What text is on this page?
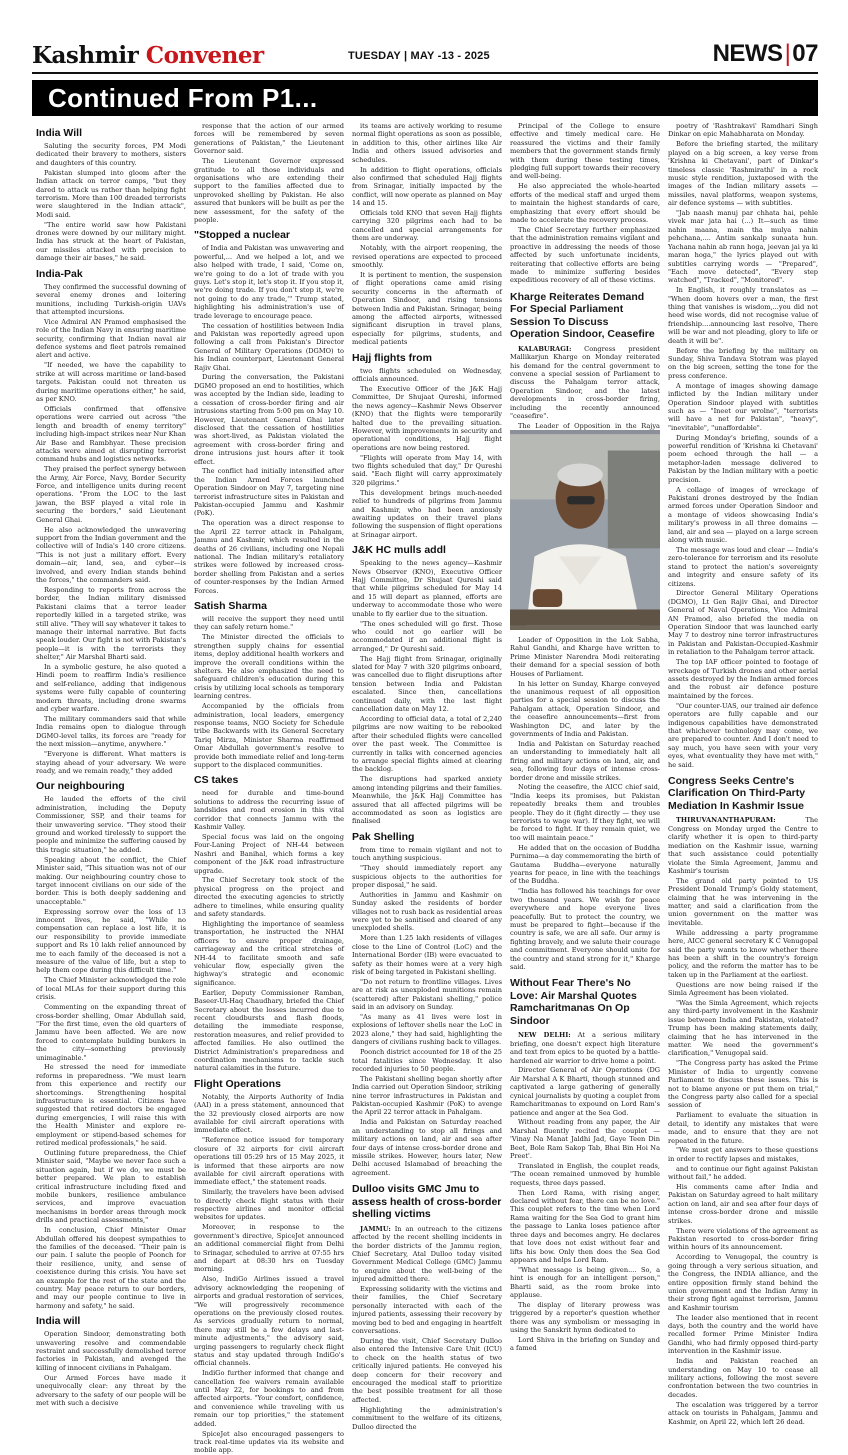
Kashmir Convener	TUESDAY | MAY -13 - 2025	NEWS|07
Continued From P1...
India Will

Saluting the security forces, PM Modi dedicated their bravery to mothers, sisters and daughters of this country.

Pakistan slumped into gloom after the Indian attack on terror camps, "but they dared to attack us rather than helping fight terrorism. More than 100 dreaded terrorists were slaughtered in the Indian attack", Modi said.

"The entire world saw how Pakistani drones were downed by our military might. India has struck at the heart of Pakistan, our missiles attacked with precision to damage their air bases," he said.

India-Pak

They confirmed the successful downing of several enemy drones and loitering munitions, including Turkish-origin UAVs that attempted incursions.

Vice Admiral AN Pramod emphasised the role of the Indian Navy in ensuring maritime security, confirming that Indian naval air defence systems and fleet patrols remained alert and active.

"If needed, we have the capability to strike at will across maritime or land-based targets. Pakistan could not threaten us during maritime operations either," he said, as per KNO.

Officials confirmed that offensive operations were carried out across "the length and breadth of enemy territory" including high-impact strikes near Nur Khan Air Base and Rambhyar. These precision attacks were aimed at disrupting terrorist command hubs and logistics networks.

They praised the perfect synergy between the Army, Air Force, Navy, Border Security Force, and intelligence units during recent operations. "From the LOC to the last jawan, the BSF played a vital role in securing the borders," said Lieutenant General Ghai.

He also acknowledged the unwavering support from the Indian government and the collective will of India's 140 crore citizens. "This is not just a military effort. Every domain—air, land, sea, and cyber—is involved, and every Indian stands behind the forces," the commanders said.

Responding to reports from across the border, the Indian military dismissed Pakistani claims that a terror leader reportedly killed in a targeted strike, was still alive. "They will say whatever it takes to manage their internal narrative. But facts speak louder. Our fight is not with Pakistan's people—it is with the terrorists they shelter," Air Marshal Bharti said.

In a symbolic gesture, he also quoted a Hindi poem to reaffirm India's resilience and self-reliance, adding that indigenous systems were fully capable of countering modern threats, including drone swarms and cyber warfare.

The military commanders said that while India remains open to dialogue through DGMO-level talks, its forces are "ready for the next mission—anytime, anywhere."

"Everyone is different. What matters is staying ahead of your adversary. We were ready, and we remain ready," they added

Our neighbouring

He lauded the efforts of the civil administration, including the Deputy Commissioner, SSP, and their teams for their unwavering service. "They stood their ground and worked tirelessly to support the people and minimize the suffering caused by this tragic situation," he added.

Speaking about the conflict, the Chief Minister said, "This situation was not of our making. Our neighbouring country chose to target innocent civilians on our side of the border. This is both deeply saddening and unacceptable."

Expressing sorrow over the loss of 13 innocent lives, he said, "While no compensation can replace a lost life, it is our responsibility to provide immediate support and Rs 10 lakh relief announced by me to each family of the deceased is not a measure of the value of life, but a step to help them cope during this difficult time."

The Chief Minister acknowledged the role of local MLAs for their support during this crisis.

Commenting on the expanding threat of cross-border shelling, Omar Abdullah said, "For the first time, even the old quarters of Jammu have been affected. We are now forced to contemplate building bunkers in the city—something previously unimaginable."

He stressed the need for immediate reforms in preparedness. "We must learn from this experience and rectify our shortcomings. Strengthening hospital infrastructure is essential. Citizens have suggested that retired doctors be engaged during emergencies, I will raise this with the Health Minister and explore re-employment or stipend-based schemes for retired medical professionals," he said.

Outlining future preparedness, the Chief Minister said, "Maybe we never face such a situation again, but if we do, we must be better prepared. We plan to establish critical infrastructure including fixed and mobile bunkers, resilience ambulance services, and improve evacuation mechanisms in border areas through mock drills and practical assessments,"

In conclusion, Chief Minister Omar Abdullah offered his deepest sympathies to the families of the deceased. "Their pain is our pain. I salute the people of Poonch for their resilience, unity, and sense of coexistence during this crisis. You have set an example for the rest of the state and the country. May peace return to our borders, and may our people continue to live in harmony and safety," he said.

India will

Operation Sindoor, demonstrating both unwavering resolve and commendable restraint and successfully demolished terror factories in Pakistan, and avenged the killing of innocent civilians in Pahalgam.

Our Armed Forces have made it unequivocally clear: any threat by the adversary to the safety of our people will be met with such a decisive

response that the action of our armed forces will be remembered by seven generations of Pakistan," the Lieutenant Governor said.

The Lieutenant Governor expressed gratitude to all those individuals and organisations who are extending their support to the families affected due to unprovoked shelling by Pakistan. He also assured that bunkers will be built as per the new assessment, for the safety of the people.

"Stopped a nuclear

of India and Pakistan was unwavering and powerful,... And we helped a lot, and we also helped with trade, I said, 'Come on, we're going to do a lot of trade with you guys. Let's stop it, let's stop it. If you stop it, we're doing trade. If you don't stop it, we're not going to do any trade,'" Trump stated, highlighting his administration's use of trade leverage to encourage peace.

The cessation of hostilities between India and Pakistan was reportedly agreed upon following a call from Pakistan's Director General of Military Operations (DGMO) to his Indian counterpart, Lieutenant General Rajiv Ghai.

During the conversation, the Pakistani DGMO proposed an end to hostilities, which was accepted by the Indian side, leading to a cessation of cross-border firing and air intrusions starting from 5:00 pm on May 10. However, Lieutenant General Ghai later disclosed that the cessation of hostilities was short-lived, as Pakistan violated the agreement with cross-border firing and drone intrusions just hours after it took effect.

The conflict had initially intensified after the Indian Armed Forces launched Operation Sindoor on May 7, targeting nine terrorist infrastructure sites in Pakistan and Pakistan-occupied Jammu and Kashmir (PoK).

The operation was a direct response to the April 22 terror attack in Pahalgam, Jammu and Kashmir, which resulted in the deaths of 26 civilians, including one Nepali national. The Indian military's retaliatory strikes were followed by increased cross-border shelling from Pakistan and a series of counter-responses by the Indian Armed Forces.

Satish Sharma

will receive the support they need until they can safely return home."

The Minister directed the officials to strengthen supply chains for essential items, deploy additional health workers and improve the overall conditions within the shelters. He also emphasized the need to safeguard children's education during this crisis by utilizing local schools as temporary learning centres.

Accompanied by the officials from administration, local leaders, emergency response teams, NGO Society for Schedule tribe Backwards with its General Secretary Tariq Mirza, Minister Sharma reaffirmed Omar Abdullah government's resolve to provide both immediate relief and long-term support to the displaced communities.

CS takes

need for durable and time-bound solutions to address the recurring issue of landslides and road erosion in this vital corridor that connects Jammu with the Kashmir Valley.

Special focus was laid on the ongoing Four-Laning Project of NH-44 between Nashri and Banihal, which forms a key component of the J&K road infrastructure upgrade.

The Chief Secretary took stock of the physical progress on the project and directed the executing agencies to strictly adhere to timelines, while ensuring quality and safety standards.

Highlighting the importance of seamless transportation, he instructed the NHAI officers to ensure proper drainage, carriageway and the critical stretches of NH-44 to facilitate smooth and safe vehicular flow, especially given the highway's strategic and economic significance.

Earlier, Deputy Commissioner Ramban, Baseer-Ul-Haq Chaudhary, briefed the Chief Secretary about the losses incurred due to recent cloudbursts and flash floods, detailing the immediate response, restoration measures, and relief provided to affected families. He also outlined the District Administration's preparedness and coordination mechanisms to tackle such natural calamities in the future.

Flight Operations

Notably, the Airports Authority of India (AAI) in a press statement, announced that the 32 previously closed airports are now available for civil aircraft operations with immediate effect.

"Reference notice issued for temporary closure of 32 airports for civil aircraft operations till 05:29 hrs of 15 May 2025, it is informed that these airports are now available for civil aircraft operations with immediate effect," the statement reads.

Similarly, the travelers have been advised to directly check flight status with their respective airlines and monitor official websites for updates.

Moreover, in response to the government's directive, SpiceJet announced an additional commercial flight from Delhi to Srinagar, scheduled to arrive at 07:55 hrs and depart at 08:30 hrs on Tuesday morning.

Also, IndiGo Airlines issued a travel advisory acknowledging the reopening of airports and gradual restoration of services, "We will progressively recommence operations on the previously closed routes. As services gradually return to normal, there may still be a few delays and last-minute adjustments," the advisory said, urging passengers to regularly check flight status and stay updated through IndiGo's official channels.

IndiGo further informed that change and cancellation fee waivers remain available until May 22, for bookings to and from affected airports. "Your comfort, confidence, and convenience while traveling with us remain our top priorities," the statement added.

SpiceJet also encouraged passengers to track real-time updates via its website and mobile app.

its teams are actively working to resume normal flight operations as soon as possible, in addition to this, other airlines like Air India and others issued advisories and schedules.

In addition to flight operations, officials also confirmed that scheduled Hajj flights from Srinagar, initially impacted by the conflict, will now operate as planned on May 14 and 15.

Officials told KNO that seven Hajj flights carrying 320 pilgrims each had to be cancelled and special arrangements for them are underway.

Notably, with the airport reopening, the revised operations are expected to proceed smoothly.

It is pertinent to mention, the suspension of flight operations came amid rising security concerns in the aftermath of Operation Sindoor, and rising tensions between India and Pakistan. Srinagar, being among the affected airports, witnessed significant disruption in travel plans, especially for pilgrims, students, and medical patients

Hajj flights from

two flights scheduled on Wednesday, officials announced.

The Executive Officer of the J&K Hajj Committee, Dr Shujaat Qureshi, informed the news agency—Kashmir News Observer (KNO) that the flights were temporarily halted due to the prevailing situation. However, with improvements in security and operational conditions, Hajj flight operations are now being restored.

"Flights will operate from May 14, with two flights scheduled that day," Dr Qureshi said. "Each flight will carry approximately 320 pilgrims."

This development brings much-needed relief to hundreds of pilgrims from Jammu and Kashmir, who had been anxiously awaiting updates on their travel plans following the suspension of flight operations at Srinagar airport.

J&K HC mulls addl

Speaking to the news agency—Kashmir News Observer (KNO), Executive Officer Hajj Committee, Dr Shujaat Qureshi said that while pilgrims scheduled for May 14 and 15 will depart as planned, efforts are underway to accommodate those who were unable to fly earlier due to the situation.

"The ones scheduled will go first. Those who could not go earlier will be accommodated if an additional flight is arranged," Dr Qureshi said.

The Hajj flight from Srinagar, originally slated for May 7 with 320 pilgrims onboard, was cancelled due to flight disruptions after tension between India and Pakistan escalated. Since then, cancellations continued daily, with the last flight cancellation date on May 12.

According to official data, a total of 2,240 pilgrims are now waiting to be rebooked after their scheduled flights were cancelled over the past week. The Committee is currently in talks with concerned agencies to arrange special flights aimed at clearing the backlog.

The disruptions had sparked anxiety among intending pilgrims and their families. Meanwhile, the J&K Hajj Committee has assured that all affected pilgrims will be accommodated as soon as logistics are finalised

Pak Shelling

from time to remain vigilant and not to touch anything suspicious.

"They should immediately report any suspicious objects to the authorities for proper disposal," he said.

Authorities in Jammu and Kashmir on Sunday asked the residents of border villages not to rush back as residential areas were yet to be sanitised and cleared of any unexploded shells.

More than 1.25 lakh residents of villages close to the Line of Control (LoC) and the International Border (IB) were evacuated to safety as their homes were at a very high risk of being targeted in Pakistani shelling.

"Do not return to frontline villages. Lives are at risk as unexploded munitions remain (scattered) after Pakistani shelling," police said in an advisory on Sunday.

"As many as 41 lives were lost in explosions of leftover shells near the LoC in 2023 alone," they had said, highlighting the dangers of civilians rushing back to villages.

Poonch district accounted for 18 of the 25 total fatalities since Wednesday. It also recorded injuries to 50 people.

The Pakistani shelling began shortly after India carried out Operation Sindoor, striking nine terror infrastructures in Pakistan and Pakistan-occupied Kashmir (PoK) to avenge the April 22 terror attack in Pahalgam.

India and Pakistan on Saturday reached an understanding to stop all firings and military actions on land, air and sea after four days of intense cross-border drone and missile strikes. However, hours later, New Delhi accused Islamabad of breaching the agreement.

Dulloo visits GMC Jmu to assess health of cross-border shelling victims

JAMMU: In an outreach to the citizens affected by the recent shelling incidents in the border districts of the Jammu region, Chief Secretary, Atal Dulloo today visited Government Medical College (GMC) Jammu to enquire about the well-being of the injured admitted there.

Expressing solidarity with the victims and their families, the Chief Secretary personally interacted with each of the injured patients, assessing their recovery by moving bed to bed and engaging in heartfelt conversations.

During the visit, Chief Secretary Dulloo also entered the Intensive Care Unit (ICU) to check on the health status of two critically injured patients. He conveyed his deep concern for their recovery and encouraged the medical staff to prioritize the best possible treatment for all those affected.

Highlighting the administration's commitment to the welfare of its citizens, Dulloo directed the

Principal of the College to ensure effective and timely medical care. He reassured the victims and their family members that the government stands firmly with them during these testing times, pledging full support towards their recovery and well-being.

He also appreciated the whole-hearted efforts of the medical staff and urged them to maintain the highest standards of care, emphasizing that every effort should be made to accelerate the recovery process.

The Chief Secretary further emphasized that the administration remains vigilant and proactive in addressing the needs of those affected by such unfortunate incidents, reiterating that collective efforts are being made to minimize suffering besides expeditious recovery of all of these victims.

Kharge Reiterates Demand For Special Parliament Session To Discuss Operation Sindoor, Ceasefire

KALABURAGI: Congress president Mallikarjun Kharge on Monday reiterated his demand for the central government to convene a special session of Parliament to discuss the Pahalgam terror attack, Operation Sindoor, and the latest developments in cross-border firing, including the recently announced "ceasefire".

The Leader of Opposition in the Rajya

Leader of Opposition in the Lok Sabha, Rahul Gandhi, and Kharge have written to Prime Minister Narendra Modi reiterating their demand for a special session of both Houses of Parliament.

In his letter on Sunday, Kharge conveyed the unanimous request of all opposition parties for a special session to discuss the Pahalgam attack, Operation Sindoor, and the ceasefire announcements—first from Washington DC, and later by the governments of India and Pakistan.

India and Pakistan on Saturday reached an understanding to immediately halt all firing and military actions on land, air, and sea, following four days of intense cross-border drone and missile strikes.

Noting the ceasefire, the AICC chief said, "India keeps its promises, but Pakistan repeatedly breaks them and troubles people. They do it (fight directly — they use terrorists to wage war). If they fight, we will be forced to fight. If they remain quiet, we too will maintain peace."

He added that on the occasion of Buddha Purnima—a day commemorating the birth of Gautama Buddha—everyone naturally yearns for peace, in line with the teachings of the Buddha.

"India has followed his teachings for over two thousand years. We wish for peace everywhere and hope everyone lives peacefully. But to protect the country, we must be prepared to fight—because if the country is safe, we are all safe. Our army is fighting bravely, and we salute their courage and commitment. Everyone should unite for the country and stand strong for it," Kharge said.

Without Fear There's No Love: Air Marshal Quotes Ramcharitmanas On Op Sindoor

NEW DELHI: At a serious military briefing, one doesn't expect high literature and text from epics to be quoted by a battle-hardened air warrior to drive home a point.

Director General of Air Operations (DG Air Marshal A K Bharti, though stunned and captivated a large gathering of generally cynical journalists by quoting a couplet from Ramcharitmanas to expound on Lord Ram's patience and anger at the Sea God.

Without reading from any paper, the Air Marshal fluently recited the couplet — 'Vinay Na Manat Jaldhi Jad, Gaye Teen Din Beet, Bole Ram Sakop Tab, Bhai Bin Hoi Na Preet'.

Translated in English, the couplet reads, "The ocean remained unmoved by humble requests, three days passed.

Then Lord Rama, with rising anger, declared without fear, there can be no love." This couplet refers to the time when Lord Rama waiting for the Sea God to grant him the passage to Lanka loses patience after three days and becomes angry. He declares that love does not exist without fear and lifts his bow. Only then does the Sea God appears and helps Lord Ram.

"What message is being given.... So, a hint is enough for an intelligent person," Bharti said, as the room broke into applause.

The display of literary prowess was triggered by a reporter's question whether there was any symbolism or messaging in using the Sanskrit hymn dedicated to

Lord Shiva in the briefing on Sunday and a famed

poetry of 'Rashtrakavi' Ramdhari Singh Dinkar on epic Mahabharata on Monday.

Before the briefing started, the military played on a big screen, a key verse from 'Krishna ki Chetavani', part of Dinkar's timeless classic 'Rashmirathi' in a rock music style rendition, juxtaposed with the images of the Indian military assets — missiles, naval platforms, weapon systems, air defence systems — with subtitles.

"Jab naash manuj par chhata hai, pehle vivek mar jata hai (...) It—such as time nahin maana, main tha mulya nahin pehchana,.... Antim sankalp sunaata hun. Yachana nahin ab rann hoga, jeevan jai ya ki maran hoga," the lyrics played out with subtitles carrying words — "Prepared", "Each move detected", "Every step watched", "Tracked", "Monitored".

In English, it roughly translates as — "When doom hovers over a man, the first thing that vanishes is wisdom,...you did not heed wise words, did not recognise value of friendship....announcing last resolve, There will be war and not pleading, glory to life or death it will be".

Before the briefing by the military on Sunday, Shiva Tandava Stotram was played on the big screen, setting the tone for the press conference.

A montage of images showing damage inflicted by the Indian military under Operation Sindoor played with subtitles such as — "Ineet our wrolne", "terrorists will have a net for Pakistan", "heavy", "inevitable", "unaffordable".

During Monday's briefing, sounds of a powerful rendition of 'Krishna ki Chetavani' poem echoed through the hall — a metaphor-laden message delivered to Pakistan by the Indian military with a poetic precision.

A collage of images of wreckage of Pakistani drones destroyed by the Indian armed forces under Operation Sindoor and a montage of videos showcasing India's military's prowess in all three domains — land, air and sea — played on a large screen along with music.

The message was loud and clear — India's zero-tolerance for terrorism and its resolute stand to protect the nation's sovereignty and integrity and ensure safety of its citizens.

Director General Military Operations (DGMO), Lt Gen Rajiv Ghai, and Director General of Naval Operations, Vice Admiral AN Pramod, also briefed the media on Operation Sindoor that was launched early May 7 to destroy nine terror infrastructures in Pakistan and Pakistan-Occupied-Kashmir in retaliation to the Pahalgam terror attack.

The top IAF officer pointed to footage of wreckage of Turkish drones and other aerial assets destroyed by the Indian armed forces and the robust air defence posture maintained by the forces.

"Our counter-UAS, our trained air defence operators are fully capable and our indigenous capabilities have demonstrated that whichever technology may come, we are prepared to counter. And I don't need to say much, you have seen with your very eyes, what eventuality they have met with," he said.

Congress Seeks Centre's Clarification On Third-Party Mediation In Kashmir Issue

THIRUVANANTHAPURAM: The Congress on Monday urged the Centre to clarify whether it is open to third-party mediation on the Kashmir issue, warning that such assistance could potentially violate the Simla Agreement, Jammu and Kashmir's tourism

The grand old party pointed to US President Donald Trump's Goldy statement, claiming that he was intervening in the matter, and said a clarification from the union government on the matter was inevitable.

While addressing a party programme here, AICC general secretary K C Venugopal said the party wants to know whether there has been a shift in the country's foreign policy, and the reform the matter has to be taken up in the Parliament at the earliest.

Questions are now being raised if the Simla Agreement has been violated.

"Was the Simla Agreement, which rejects any third-party involvement in the Kashmir issue between India and Pakistan, violated? Trump has been making statements daily, claiming that he has intervened in the matter. We need the government's clarification," Venugopal said.

"The Congress party has asked the Prime Minister of India to urgently convene Parliament to discuss these issues. This is not to blame anyone or put them on trial," the Congress party also called for a special session of

Parliament to evaluate the situation in detail, to identify any mistakes that were made, and to ensure that they are not repeated in the future.

"We must get answers to these questions in order to rectify lapses and mistakes,

and to continue our fight against Pakistan without fail," he added.

His comments came after India and Pakistan on Saturday agreed to halt military action on land, air and sea after four days of intense cross-border drone and missile strikes.

There were violations of the agreement as Pakistan resorted to cross-border firing within hours of its announcement.

According to Venugopal, the country is going through a very serious situation, and the Congress, the INDIA alliance, and the entire opposition firmly stand behind the union government and the Indian Army in their strong fight against terrorism, Jammu and Kashmir tourism

The leader also mentioned that in recent days, both the country and the world have recalled former Prime Minister Indira Gandhi, who had firmly opposed third-party intervention in the Kashmir issue.

India and Pakistan reached an understanding on May 10 to cease all military actions, following the most severe confrontation between the two countries in decades.

The escalation was triggered by a terror attack on tourists in Pahalgam, Jammu and Kashmir, on April 22, which left 26 dead.
